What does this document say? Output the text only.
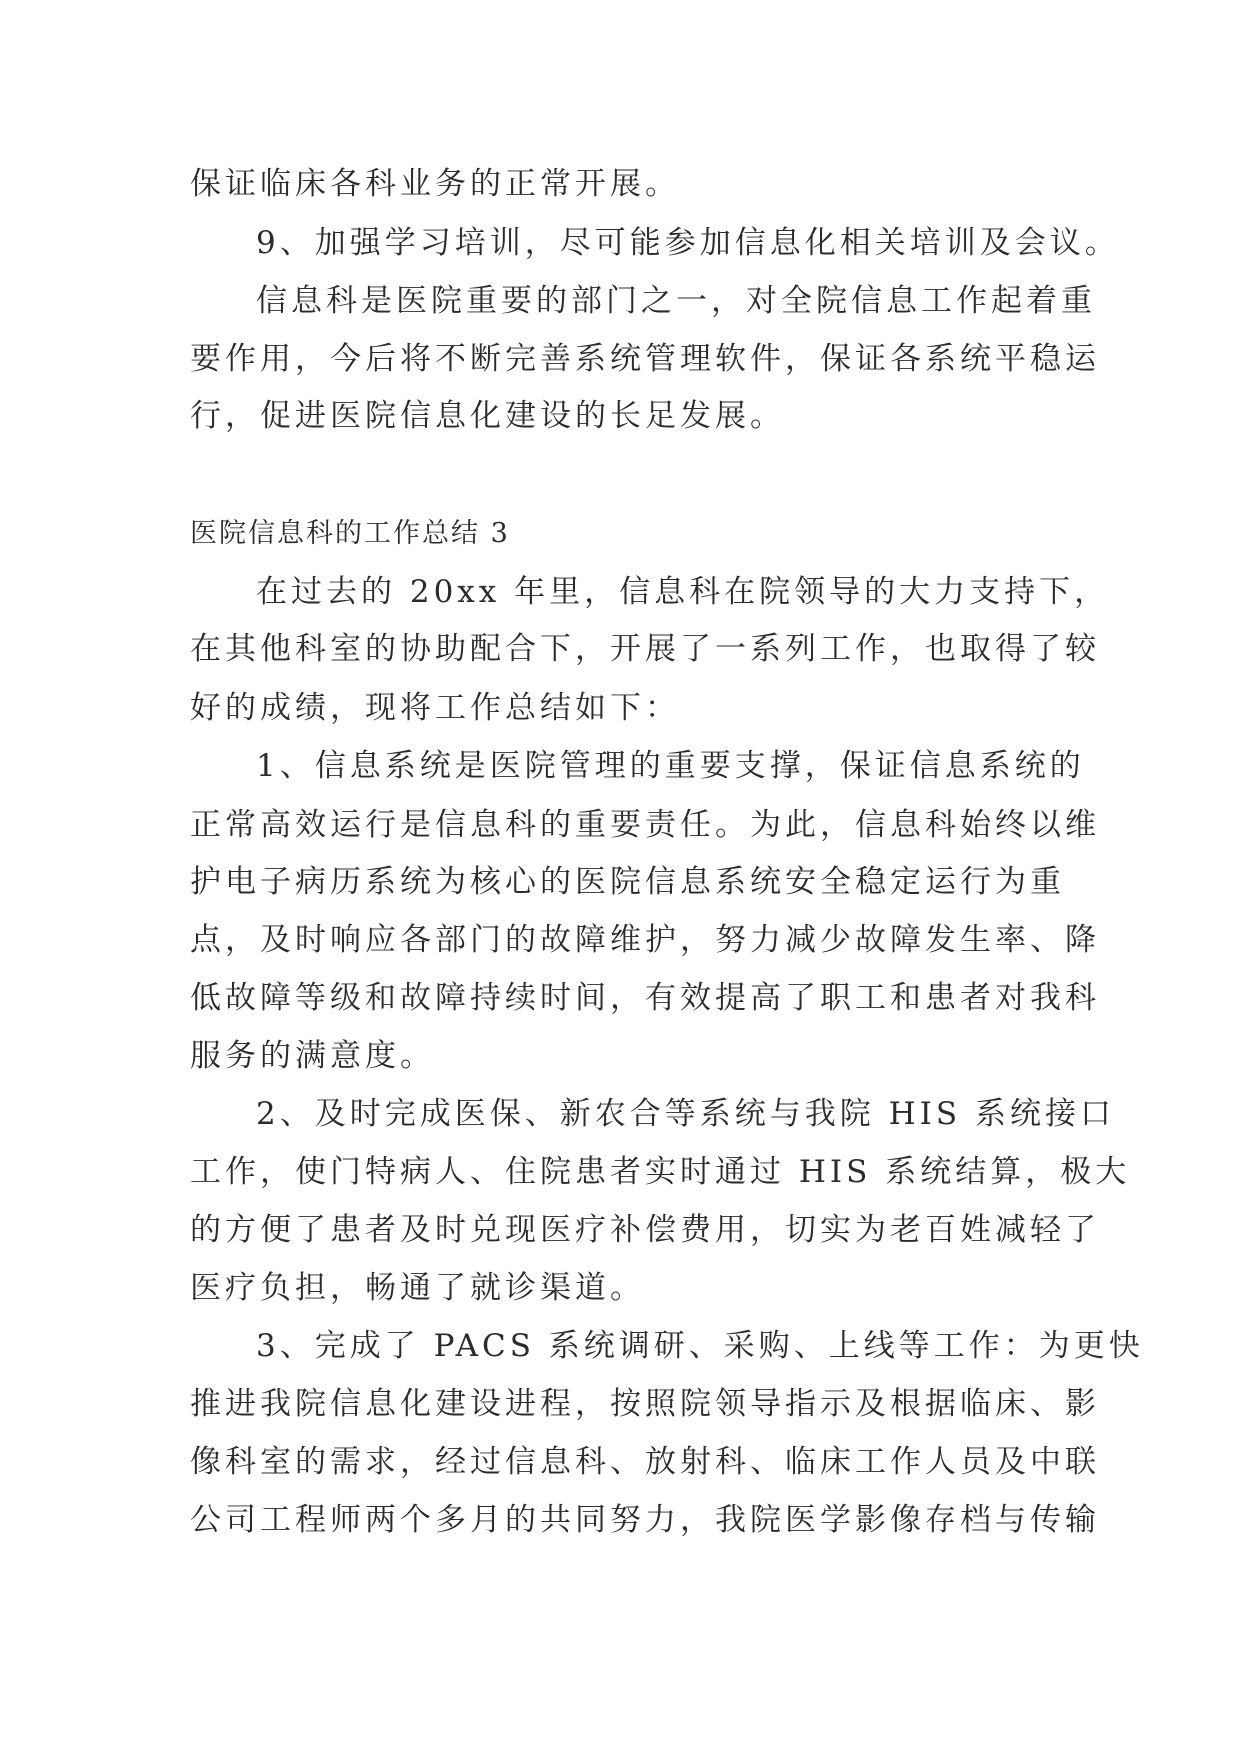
保证临床各科业务的正常开展。
9、加强学习培训，尽可能参加信息化相关培训及会议。
信息科是医院重要的部门之一，对全院信息工作起着重
要作用，今后将不断完善系统管理软件，保证各系统平稳运
行，促进医院信息化建设的长足发展。
医院信息科的工作总结 3
在过去的 20xx 年里，信息科在院领导的大力支持下，
在其他科室的协助配合下，开展了一系列工作，也取得了较
好的成绩，现将工作总结如下：
1、信息系统是医院管理的重要支撑，保证信息系统的
正常高效运行是信息科的重要责任。为此，信息科始终以维
护电子病历系统为核心的医院信息系统安全稳定运行为重
点，及时响应各部门的故障维护，努力减少故障发生率、降
低故障等级和故障持续时间，有效提高了职工和患者对我科
服务的满意度。
2、及时完成医保、新农合等系统与我院 HIS 系统接口
工作，使门特病人、住院患者实时通过 HIS 系统结算，极大
的方便了患者及时兑现医疗补偿费用，切实为老百姓减轻了
医疗负担，畅通了就诊渠道。
3、完成了 PACS 系统调研、采购、上线等工作：为更快
推进我院信息化建设进程，按照院领导指示及根据临床、影
像科室的需求，经过信息科、放射科、临床工作人员及中联
公司工程师两个多月的共同努力，我院医学影像存档与传输
